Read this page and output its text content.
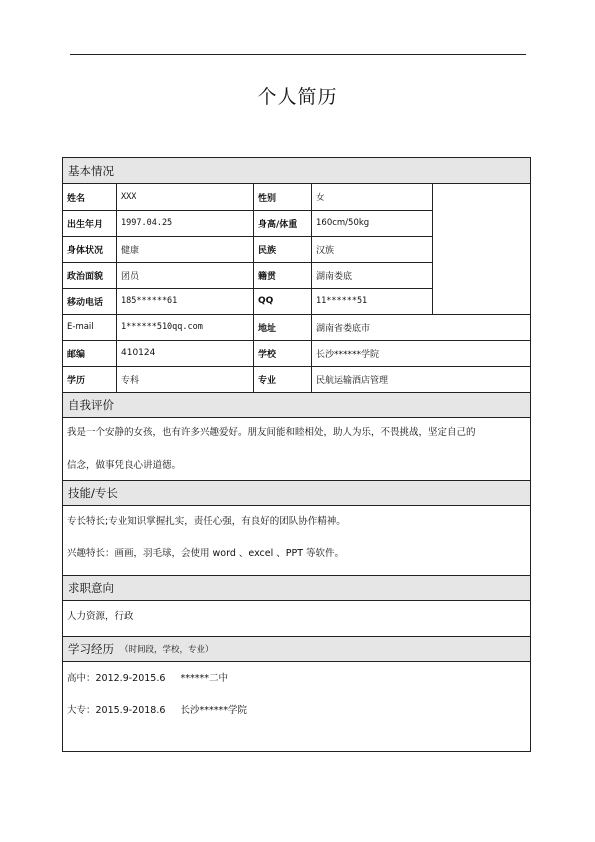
个人简历
基本情况
姓名	XXX	性别	女
出生年月	1997.04.25	身高/体重	160cm/50kg
身体状况	健康	民族	汉族
政治面貌	团员	籍贯	湖南娄底
移动电话	185******61	QQ	11******51
E-mail	1******510qq.com	地址	湖南省娄底市
邮编	410124	学校	长沙******学院
学历	专科	专业	民航运输酒店管理
自我评价
我是一个安静的女孩，也有许多兴趣爱好。朋友间能和睦相处，助人为乐，不畏挑战，坚定自己的
信念，做事凭良心讲道德。
技能/专长
专长特长;专业知识掌握扎实，责任心强，有良好的团队协作精神。
兴趣特长：画画，羽毛球，会使用 word 、excel 、PPT 等软件。
求职意向
人力资源，行政
学习经历 （时间段，学校，专业）
高中：2012.9-2015.6     ******二中
大专：2015.9-2018.6     长沙******学院
